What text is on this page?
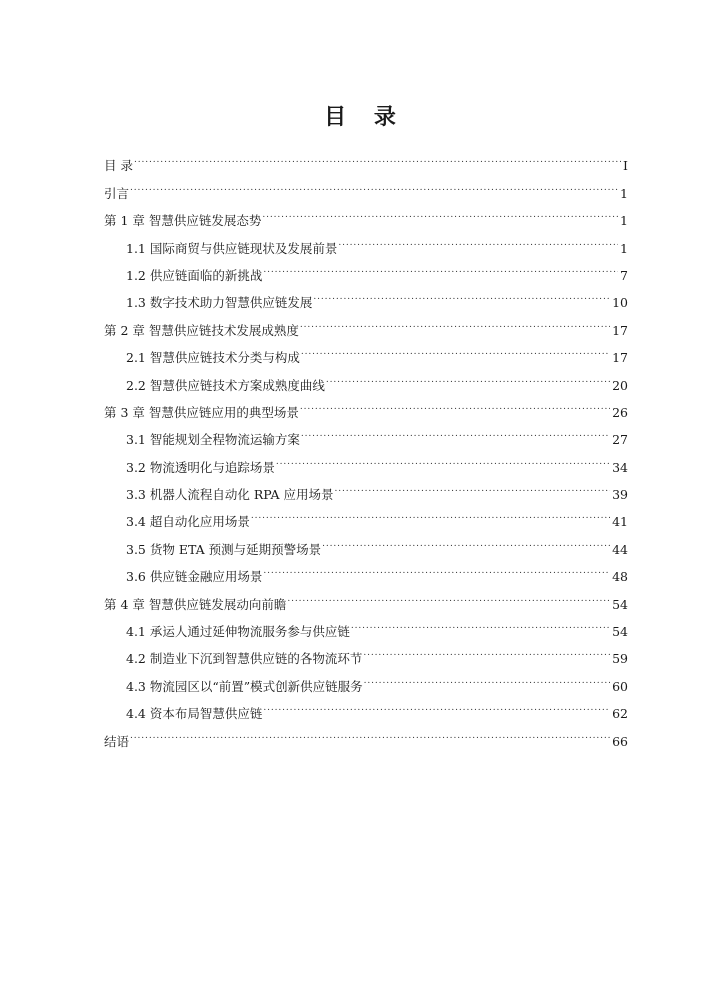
目 录
目 录 .....	I
引言 .....	1
第 1 章 智慧供应链发展态势 .....	1
1.1 国际商贸与供应链现状及发展前景 .....	1
1.2 供应链面临的新挑战 .....	7
1.3 数字技术助力智慧供应链发展 .....	10
第 2 章 智慧供应链技术发展成熟度 .....	17
2.1 智慧供应链技术分类与构成 .....	17
2.2 智慧供应链技术方案成熟度曲线 .....	20
第 3 章 智慧供应链应用的典型场景 .....	26
3.1 智能规划全程物流运输方案 .....	27
3.2 物流透明化与追踪场景 .....	34
3.3 机器人流程自动化 RPA 应用场景 .....	39
3.4 超自动化应用场景 .....	41
3.5 货物 ETA 预测与延期预警场景 .....	44
3.6 供应链金融应用场景 .....	48
第 4 章 智慧供应链发展动向前瞻 .....	54
4.1 承运人通过延伸物流服务参与供应链 .....	54
4.2 制造业下沉到智慧供应链的各物流环节 .....	59
4.3 物流园区以“前置”模式创新供应链服务 .....	60
4.4 资本布局智慧供应链 .....	62
结语 .....	66
